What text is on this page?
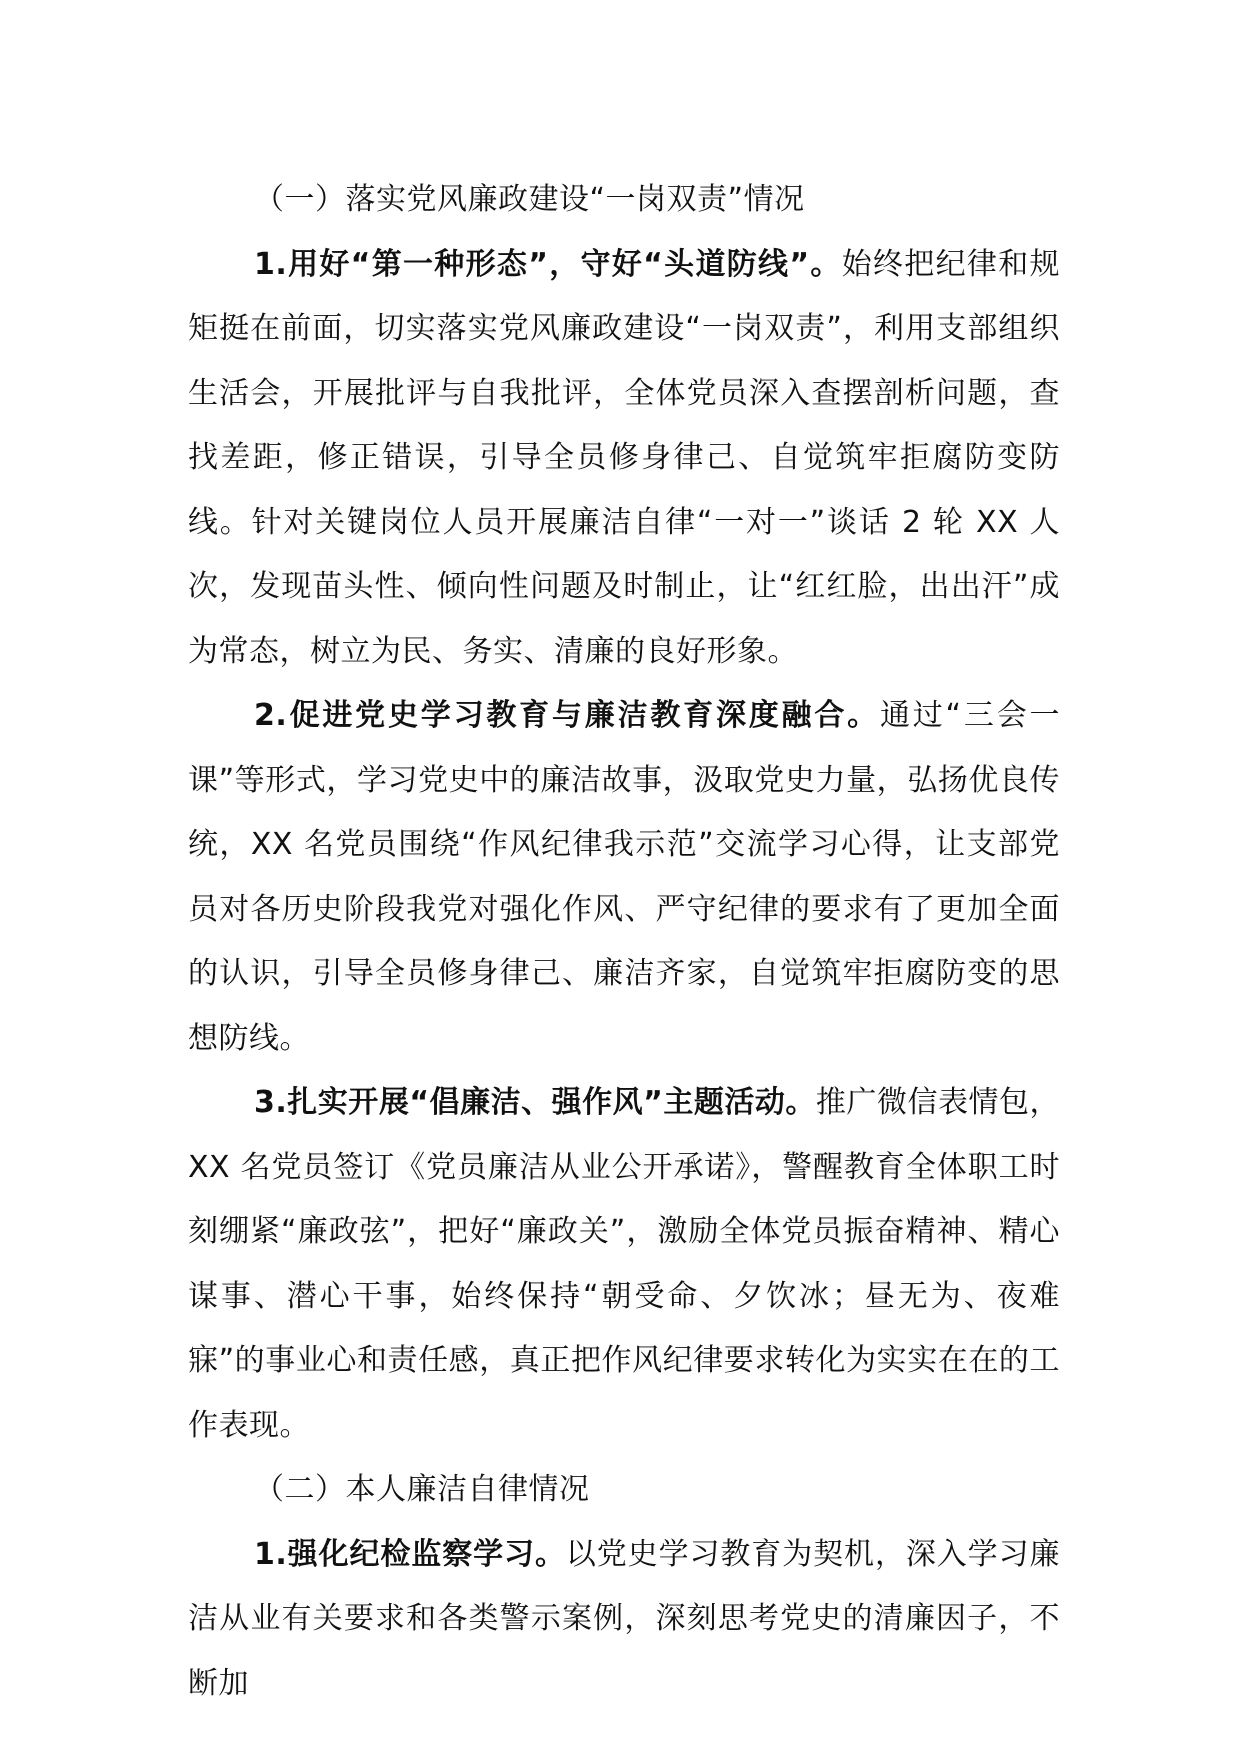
（一）落实党风廉政建设“一岗双责”情况

1.用好“第一种形态”，守好“头道防线”。始终把纪律和规矩挺在前面，切实落实党风廉政建设“一岗双责”，利用支部组织生活会，开展批评与自我批评，全体党员深入查摆剖析问题，查找差距，修正错误，引导全员修身律己、自觉筑牢拒腐防变防线。针对关键岗位人员开展廉洁自律“一对一”谈话 2 轮 XX 人次，发现苗头性、倾向性问题及时制止，让“红红脸，出出汗”成为常态，树立为民、务实、清廉的良好形象。

2.促进党史学习教育与廉洁教育深度融合。通过“三会一课”等形式，学习党史中的廉洁故事，汲取党史力量，弘扬优良传统，XX 名党员围绕“作风纪律我示范”交流学习心得，让支部党员对各历史阶段我党对强化作风、严守纪律的要求有了更加全面的认识，引导全员修身律己、廉洁齐家，自觉筑牢拒腐防变的思想防线。

3.扎实开展“倡廉洁、强作风”主题活动。推广微信表情包，XX 名党员签订《党员廉洁从业公开承诺》，警醒教育全体职工时刻绷紧“廉政弦”，把好“廉政关”，激励全体党员振奋精神、精心谋事、潜心干事，始终保持“朝受命、夕饮冰；昼无为、夜难寐”的事业心和责任感，真正把作风纪律要求转化为实实在在的工作表现。

（二）本人廉洁自律情况

1.强化纪检监察学习。以党史学习教育为契机，深入学习廉洁从业有关要求和各类警示案例，深刻思考党史的清廉因子，不断加
